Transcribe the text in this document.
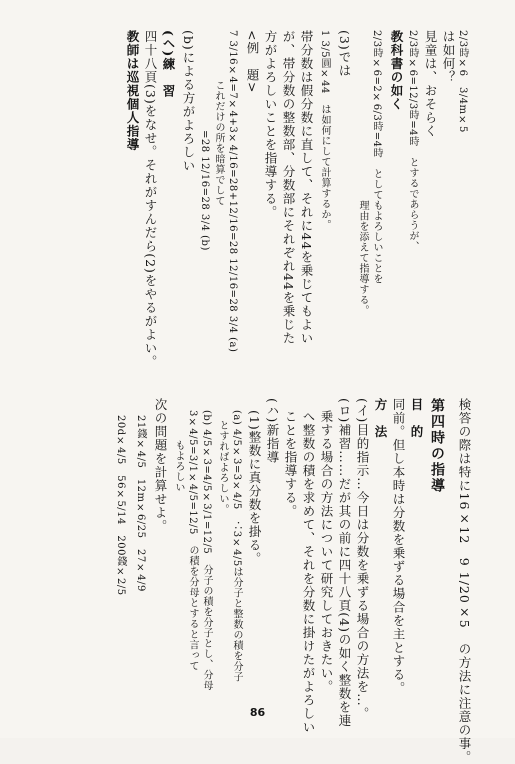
検答の際は特に16×12　9 1/20×5　の方法に注意の事。
第四時の指導
目　的
同前。但し本時は分数を乗ずる場合を主とする。
方　法
(イ)目的指示…今日は分数を乗ずる場合の方法を…。
(ロ)補習……だが其の前に四十八頁(4)の如く整数を連
乗する場合の方法について研究しておきたい。
へ整数の積を求めて、それを分数に掛けたがよろしい
ことを指導する。
(ハ)新指導
(1)整数に真分数を掛る。
(a) 4/5×3=3×4/5　∴3×4/5は分子と整数の積を分子
とすればよろしい。
(b) 4/5×3=4/5×3/1=12/5　分子の積を分子とし、分母
3×4/5=3/1×4/5=12/5　の積を分母とすると言って
もよろしい
次の問題を計算せよ。
21錢×4/5　12m×6/25　27×4/9
20d×4/5　56×5/14　200錢×2/5
2/3時×6　3/4m×5
は如何？
見童は、おそらく
2/3時×6=12/3時=4時　とするであらうが、
教科書の如く
2/3時×6=2×6/3時=4時　としてもよろしいことを
理由を添えて指導する。
(3)では
1 3/5圓×44　は如何にして計算するか。
帯分数は假分数に直して、それに44を乗じてもよい
が、帯分数の整数部、分数部にそれぞれ44を乗じた
方がよろしいことを指導する。
<例　題>
7 3/16×4=7×4+3×4/16=28+12/16=28 12/16=28 3/4 (a)
これだけの所を暗算でして
=28 12/16=28 3/4 (b)
(b)による方がよろしい
(ヘ)練　習
四十八頁(3)をなせ。それがすんだら(2)をやるがよい。
教師は巡視個人指導
86
